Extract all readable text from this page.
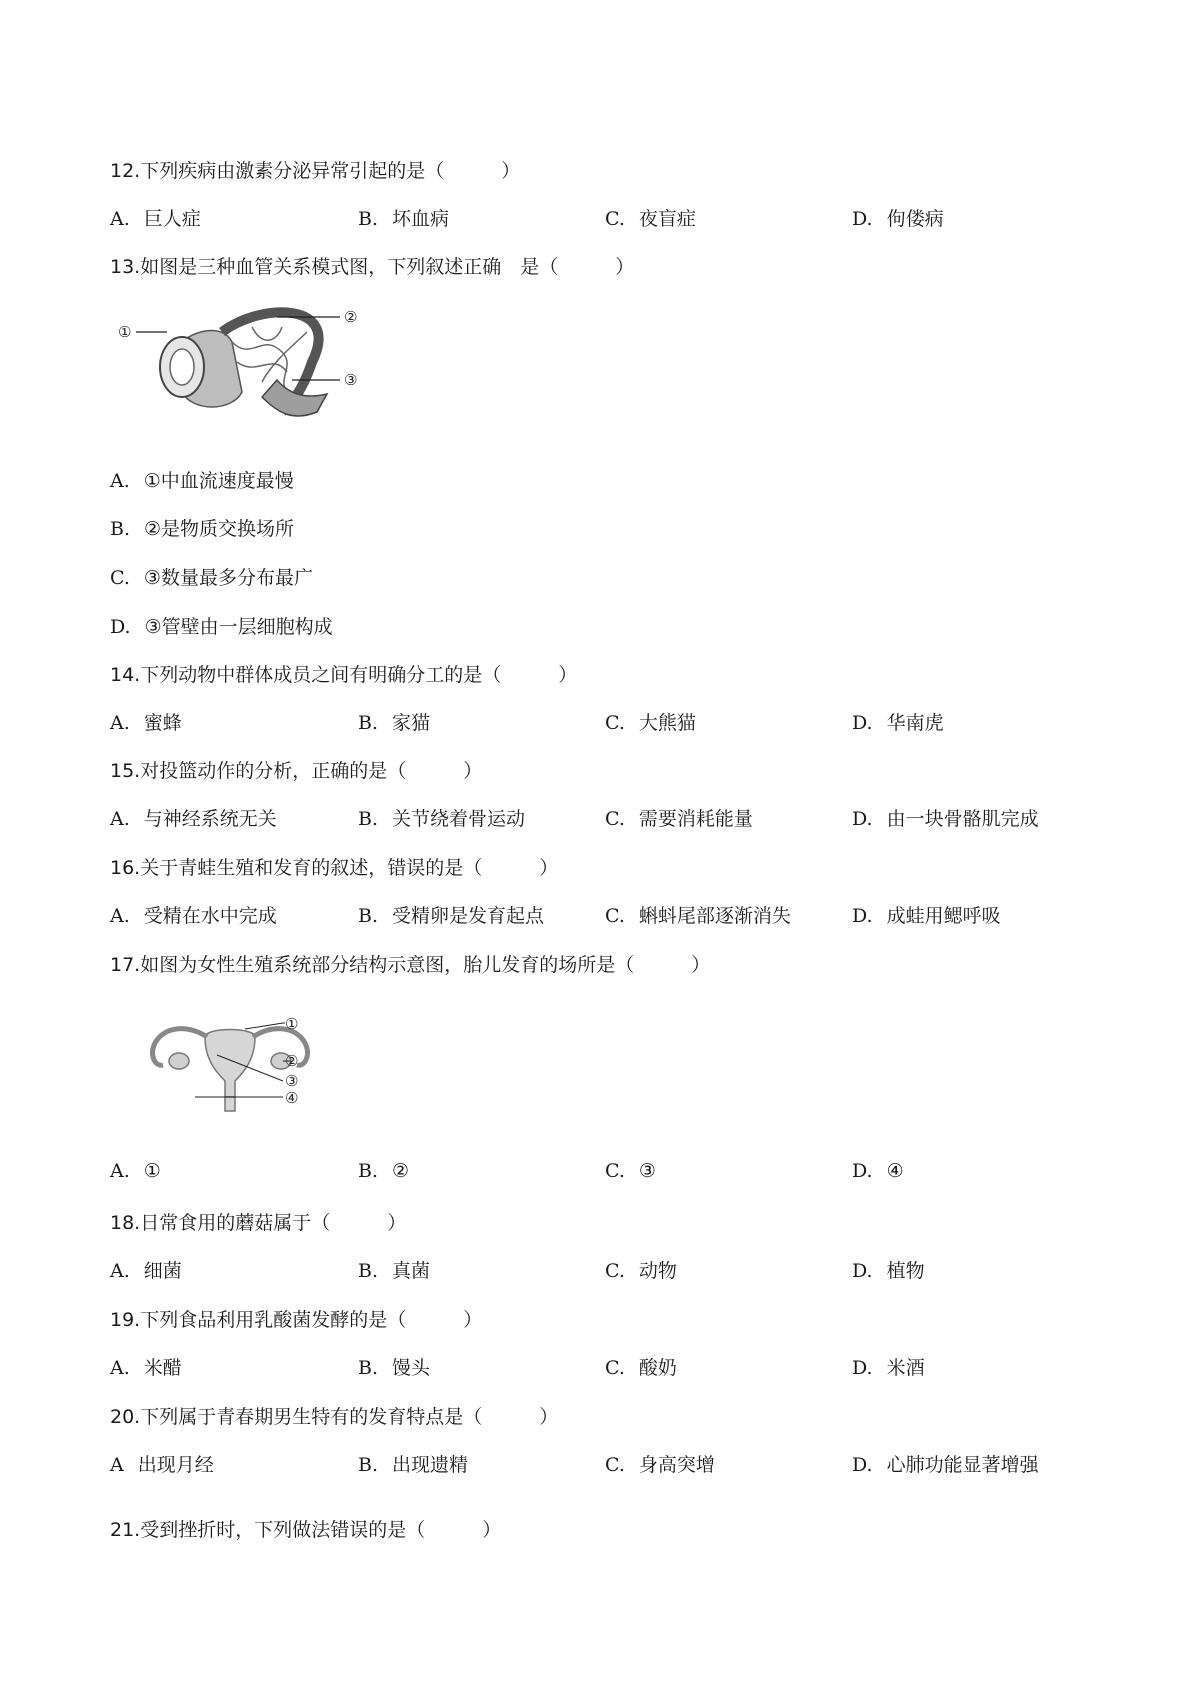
12.下列疾病由激素分泌异常引起的是（　　　）
A. 巨人症	B. 坏血病	C. 夜盲症	D. 佝偻病
13.如图是三种血管关系模式图，下列叙述正确　是（　　　）
①
②
③
A. ①中血流速度最慢
B. ②是物质交换场所
C. ③数量最多分布最广
D. ③管壁由一层细胞构成
14.下列动物中群体成员之间有明确分工的是（　　　）
A. 蜜蜂	B. 家猫	C. 大熊猫	D. 华南虎
15.对投篮动作的分析，正确的是（　　　）
A. 与神经系统无关	B. 关节绕着骨运动	C. 需要消耗能量	D. 由一块骨骼肌完成
16.关于青蛙生殖和发育的叙述，错误的是（　　　）
A. 受精在水中完成	B. 受精卵是发育起点	C. 蝌蚪尾部逐渐消失	D. 成蛙用鳃呼吸
17.如图为女性生殖系统部分结构示意图，胎儿发育的场所是（　　　）
①
②
③
④
A. ①	B. ②	C. ③	D. ④
18.日常食用的蘑菇属于（　　　）
A. 细菌	B. 真菌	C. 动物	D. 植物
19.下列食品利用乳酸菌发酵的是（　　　）
A. 米醋	B. 馒头	C. 酸奶	D. 米酒
20.下列属于青春期男生特有的发育特点是（　　　）
A 出现月经	B. 出现遗精	C. 身高突增	D. 心肺功能显著增强
21.受到挫折时，下列做法错误的是（　　　）
